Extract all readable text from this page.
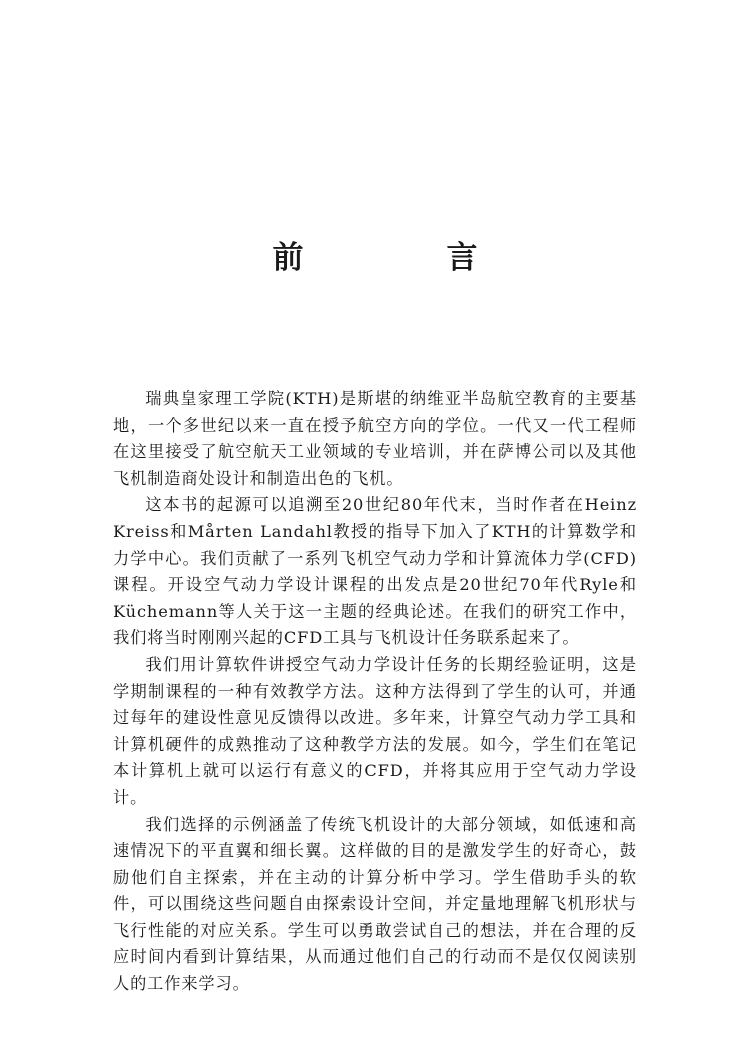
前　言

瑞典皇家理工学院(KTH)是斯堪的纳维亚半岛航空教育的主要基地，一个多世纪以来一直在授予航空方向的学位。一代又一代工程师在这里接受了航空航天工业领域的专业培训，并在萨博公司以及其他飞机制造商处设计和制造出色的飞机。

这本书的起源可以追溯至20世纪80年代末，当时作者在Heinz Kreiss和Mårten Landahl教授的指导下加入了KTH的计算数学和力学中心。我们贡献了一系列飞机空气动力学和计算流体力学(CFD)课程。开设空气动力学设计课程的出发点是20世纪70年代Ryle和Küchemann等人关于这一主题的经典论述。在我们的研究工作中，我们将当时刚刚兴起的CFD工具与飞机设计任务联系起来了。

我们用计算软件讲授空气动力学设计任务的长期经验证明，这是学期制课程的一种有效教学方法。这种方法得到了学生的认可，并通过每年的建设性意见反馈得以改进。多年来，计算空气动力学工具和计算机硬件的成熟推动了这种教学方法的发展。如今，学生们在笔记本计算机上就可以运行有意义的CFD，并将其应用于空气动力学设计。

我们选择的示例涵盖了传统飞机设计的大部分领域，如低速和高速情况下的平直翼和细长翼。这样做的目的是激发学生的好奇心，鼓励他们自主探索，并在主动的计算分析中学习。学生借助手头的软件，可以围绕这些问题自由探索设计空间，并定量地理解飞机形状与飞行性能的对应关系。学生可以勇敢尝试自己的想法，并在合理的反应时间内看到计算结果，从而通过他们自己的行动而不是仅仅阅读别人的工作来学习。
